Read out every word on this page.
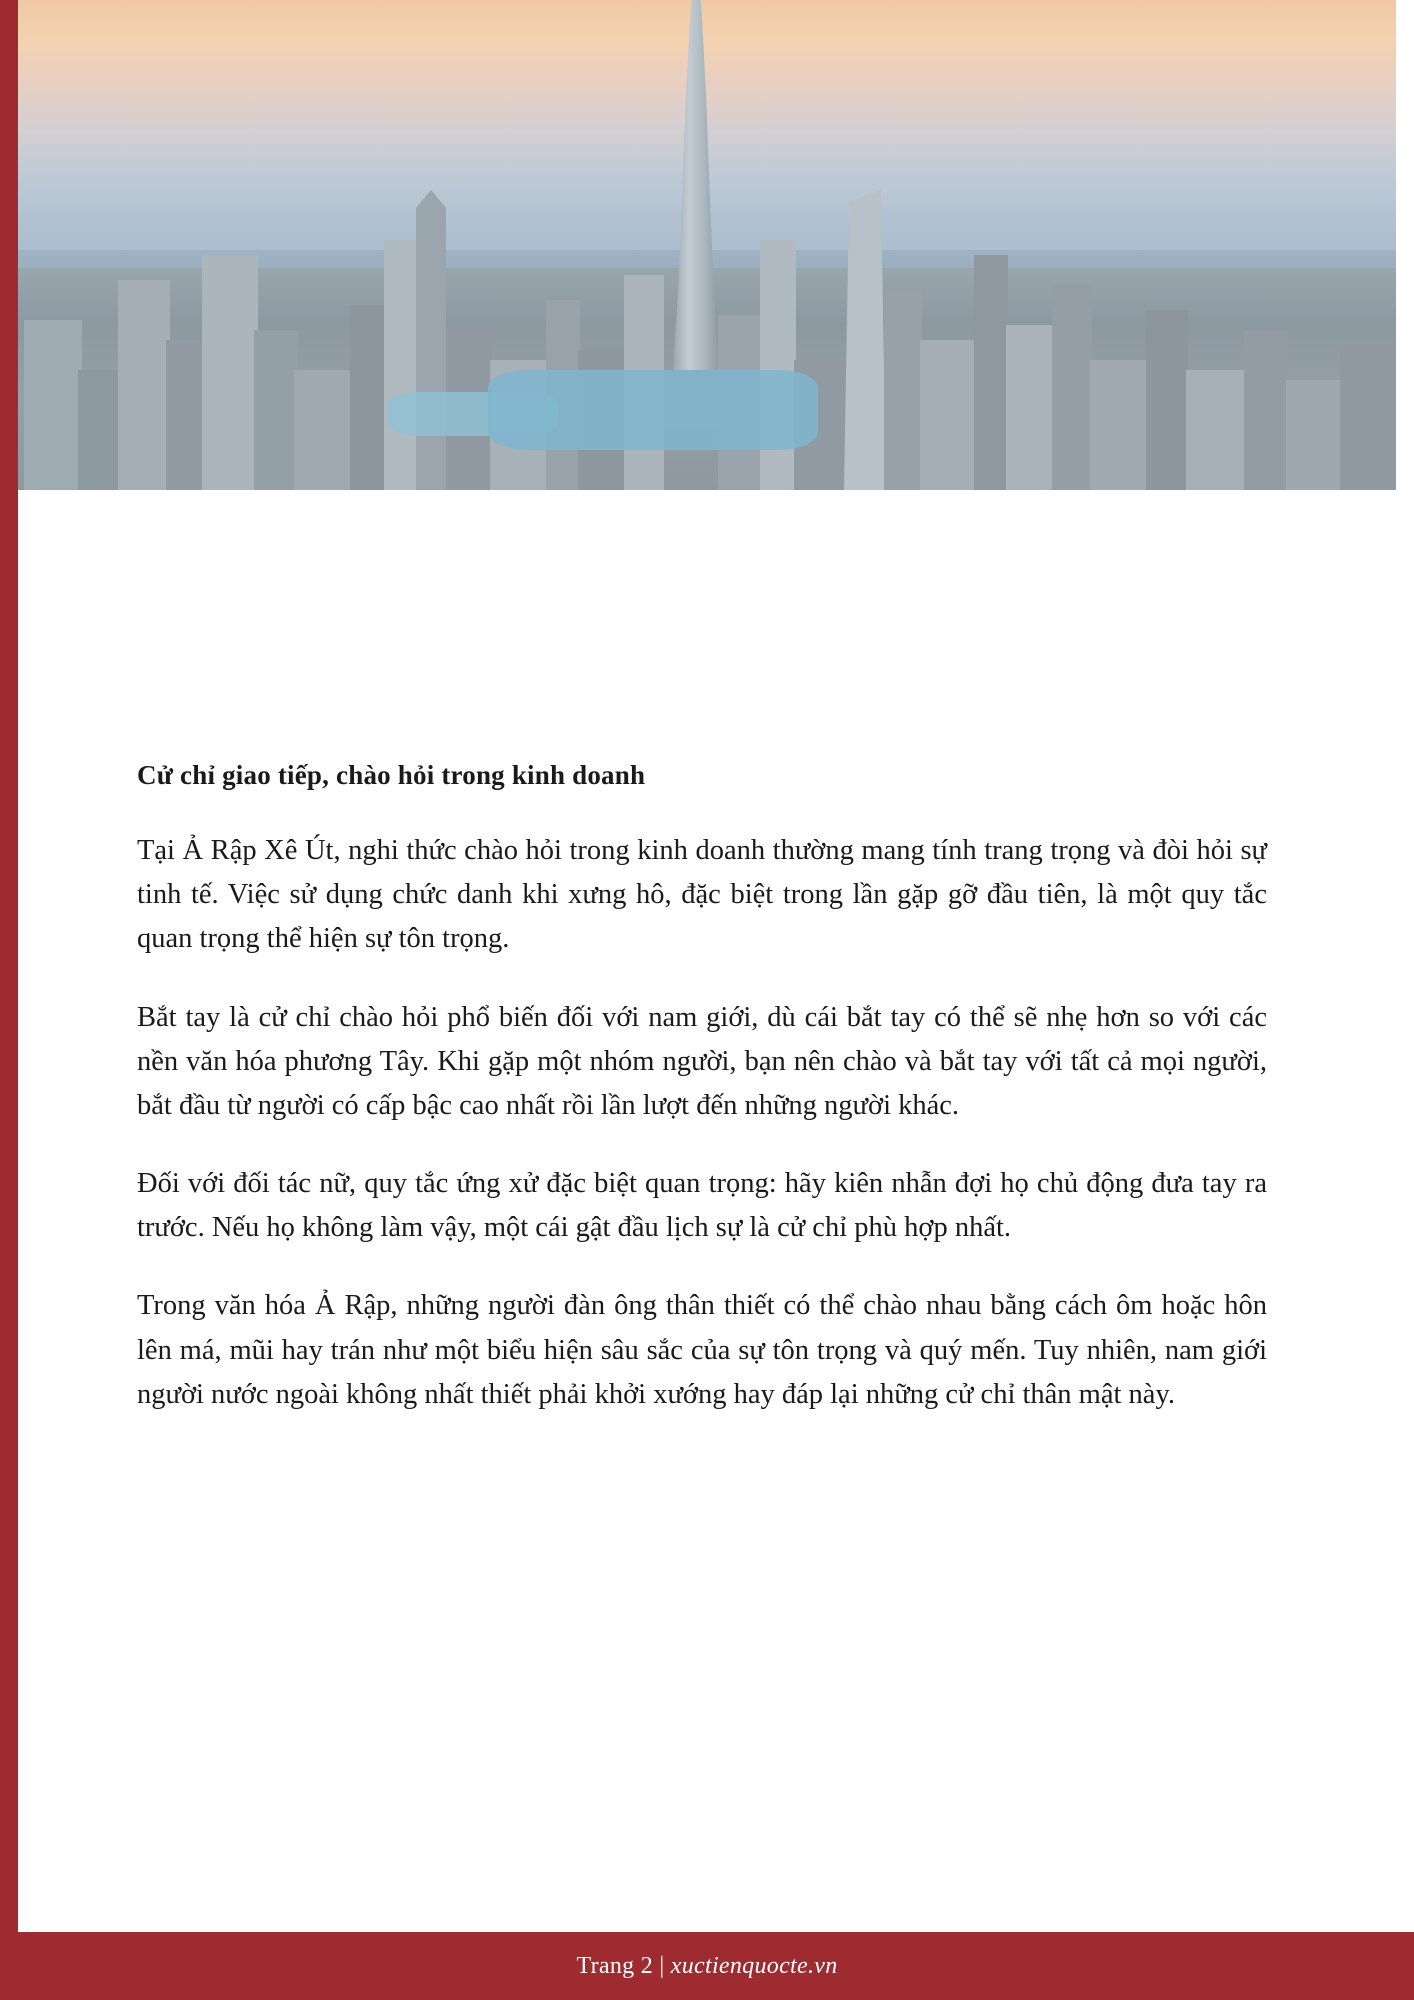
Cử chỉ giao tiếp, chào hỏi trong kinh doanh

Tại Ả Rập Xê Út, nghi thức chào hỏi trong kinh doanh thường mang tính trang trọng và đòi hỏi sự tinh tế. Việc sử dụng chức danh khi xưng hô, đặc biệt trong lần gặp gỡ đầu tiên, là một quy tắc quan trọng thể hiện sự tôn trọng.

Bắt tay là cử chỉ chào hỏi phổ biến đối với nam giới, dù cái bắt tay có thể sẽ nhẹ hơn so với các nền văn hóa phương Tây. Khi gặp một nhóm người, bạn nên chào và bắt tay với tất cả mọi người, bắt đầu từ người có cấp bậc cao nhất rồi lần lượt đến những người khác.

Đối với đối tác nữ, quy tắc ứng xử đặc biệt quan trọng: hãy kiên nhẫn đợi họ chủ động đưa tay ra trước. Nếu họ không làm vậy, một cái gật đầu lịch sự là cử chỉ phù hợp nhất.

Trong văn hóa Ả Rập, những người đàn ông thân thiết có thể chào nhau bằng cách ôm hoặc hôn lên má, mũi hay trán như một biểu hiện sâu sắc của sự tôn trọng và quý mến. Tuy nhiên, nam giới người nước ngoài không nhất thiết phải khởi xướng hay đáp lại những cử chỉ thân mật này.

Trang 2 | xuctienquocte.vn
